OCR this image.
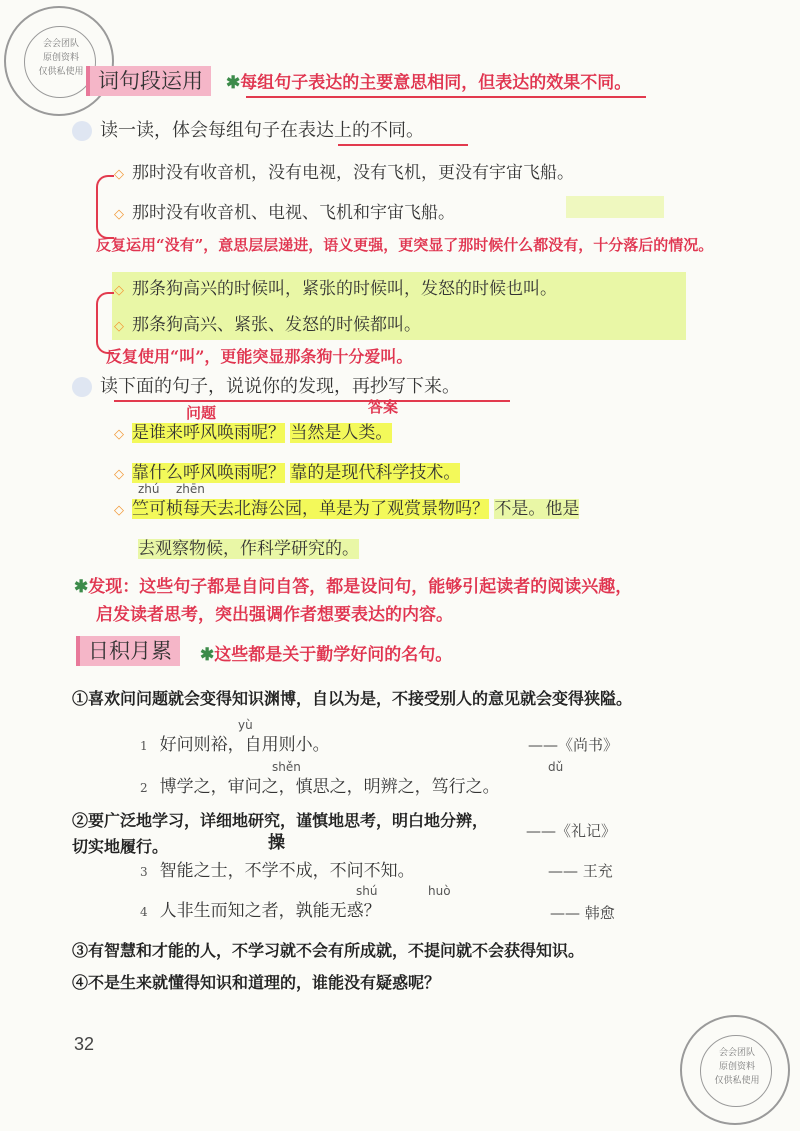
会会团队
原创资料
仅供私使用
会会团队
原创资料
仅供私使用
词句段运用	✱每组句子表达的主要意思相同，但表达的效果不同。
读一读，体会每组句子在表达上的不同。
◇ 那时没有收音机，没有电视，没有飞机，更没有宇宙飞船。
◇ 那时没有收音机、电视、飞机和宇宙飞船。
反复运用“没有”，意思层层递进，语义更强，更突显了那时候什么都没有，十分落后的情况。
◇ 那条狗高兴的时候叫，紧张的时候叫，发怒的时候也叫。
◇ 那条狗高兴、紧张、发怒的时候都叫。
反复使用“叫”，更能突显那条狗十分爱叫。
读下面的句子，说说你的发现，再抄写下来。
问题	答案
◇ 是谁来呼风唤雨呢？ 当然是人类。
◇ 靠什么呼风唤雨呢？ 靠的是现代科学技术。
zhú zhēn
◇ 竺可桢每天去北海公园，单是为了观赏景物吗？ 不是。他是
去观察物候，作科学研究的。
✱发现：这些句子都是自问自答，都是设问句，能够引起读者的阅读兴趣，
启发读者思考，突出强调作者想要表达的内容。
日积月累	✱这些都是关于勤学好问的名句。
①喜欢问问题就会变得知识渊博，自以为是，不接受别人的意见就会变得狭隘。
yù
1 好问则裕，自用则小。	——《尚书》
shěn	dǔ
2 博学之，审问之，慎思之，明辨之，笃行之。
②要广泛地学习，详细地研究，谨慎地思考，明白地分辨，
——《礼记》
切实地履行。	操
3 智能之士，不学不成，不问不知。	—— 王充
shú	huò
4 人非生而知之者，孰能无惑？	—— 韩愈
③有智慧和才能的人，不学习就不会有所成就，不提问就不会获得知识。
④不是生来就懂得知识和道理的，谁能没有疑惑呢？
32
